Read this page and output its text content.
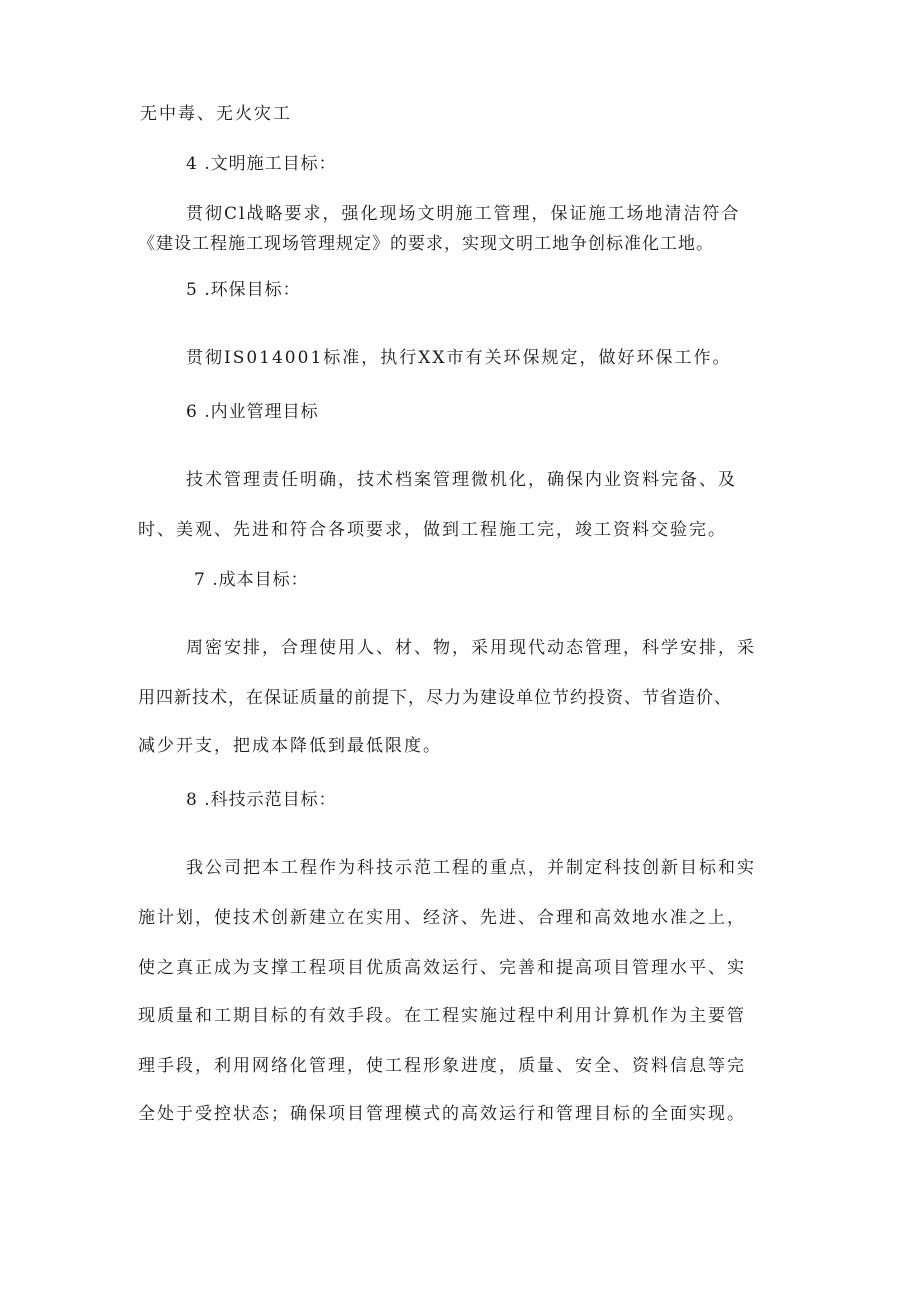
无中毒、无火灾工
4 .文明施工目标：
贯彻Cl战略要求，强化现场文明施工管理，保证施工场地清洁符合
《建设工程施工现场管理规定》的要求，实现文明工地争创标准化工地。
5 .环保目标：
贯彻IS014001标准，执行XX市有关环保规定，做好环保工作。
6 .内业管理目标
技术管理责任明确，技术档案管理微机化，确保内业资料完备、及
时、美观、先进和符合各项要求，做到工程施工完，竣工资料交验完。
7 .成本目标：
周密安排，合理使用人、材、物，采用现代动态管理，科学安排，采
用四新技术，在保证质量的前提下，尽力为建设单位节约投资、节省造价、
减少开支，把成本降低到最低限度。
8 .科技示范目标：
我公司把本工程作为科技示范工程的重点，并制定科技创新目标和实
施计划，使技术创新建立在实用、经济、先进、合理和高效地水准之上，
使之真正成为支撑工程项目优质高效运行、完善和提高项目管理水平、实
现质量和工期目标的有效手段。在工程实施过程中利用计算机作为主要管
理手段，利用网络化管理，使工程形象进度，质量、安全、资料信息等完
全处于受控状态；确保项目管理模式的高效运行和管理目标的全面实现。
